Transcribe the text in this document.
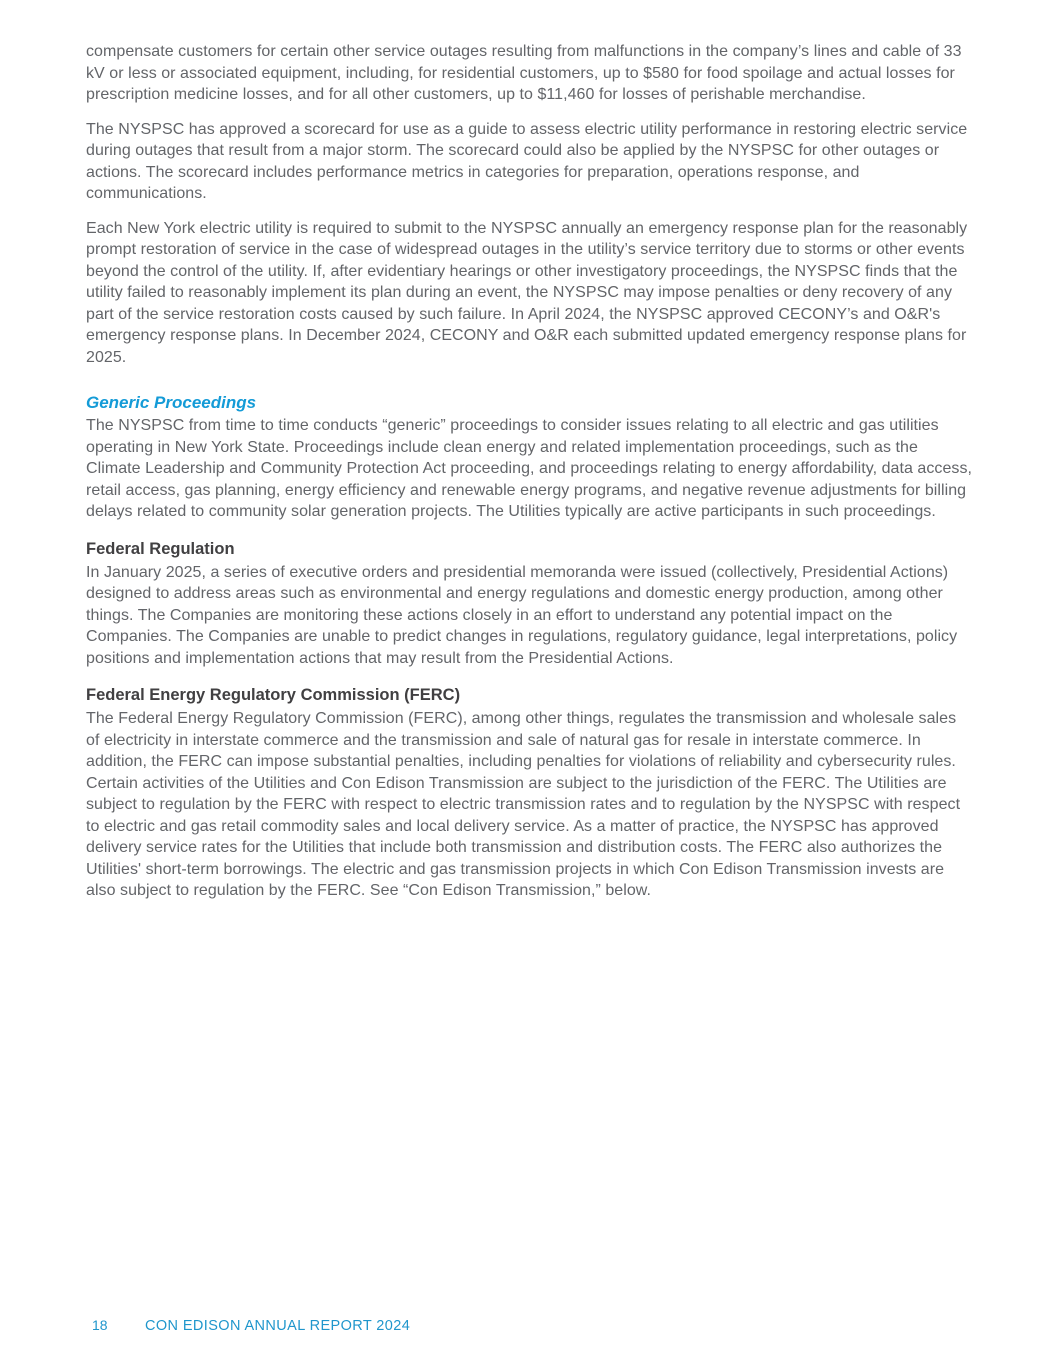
compensate customers for certain other service outages resulting from malfunctions in the company’s lines and cable of 33 kV or less or associated equipment, including, for residential customers, up to $580 for food spoilage and actual losses for prescription medicine losses, and for all other customers, up to $11,460 for losses of perishable merchandise.

The NYSPSC has approved a scorecard for use as a guide to assess electric utility performance in restoring electric service during outages that result from a major storm. The scorecard could also be applied by the NYSPSC for other outages or actions. The scorecard includes performance metrics in categories for preparation, operations response, and communications.

Each New York electric utility is required to submit to the NYSPSC annually an emergency response plan for the reasonably prompt restoration of service in the case of widespread outages in the utility’s service territory due to storms or other events beyond the control of the utility. If, after evidentiary hearings or other investigatory proceedings, the NYSPSC finds that the utility failed to reasonably implement its plan during an event, the NYSPSC may impose penalties or deny recovery of any part of the service restoration costs caused by such failure. In April 2024, the NYSPSC approved CECONY’s and O&R's emergency response plans. In December 2024, CECONY and O&R each submitted updated emergency response plans for 2025.

Generic Proceedings

The NYSPSC from time to time conducts “generic” proceedings to consider issues relating to all electric and gas utilities operating in New York State. Proceedings include clean energy and related implementation proceedings, such as the Climate Leadership and Community Protection Act proceeding, and proceedings relating to energy affordability, data access, retail access, gas planning, energy efficiency and renewable energy programs, and negative revenue adjustments for billing delays related to community solar generation projects. The Utilities typically are active participants in such proceedings.

Federal Regulation

In January 2025, a series of executive orders and presidential memoranda were issued (collectively, Presidential Actions) designed to address areas such as environmental and energy regulations and domestic energy production, among other things. The Companies are monitoring these actions closely in an effort to understand any potential impact on the Companies. The Companies are unable to predict changes in regulations, regulatory guidance, legal interpretations, policy positions and implementation actions that may result from the Presidential Actions.

Federal Energy Regulatory Commission (FERC)

The Federal Energy Regulatory Commission (FERC), among other things, regulates the transmission and wholesale sales of electricity in interstate commerce and the transmission and sale of natural gas for resale in interstate commerce. In addition, the FERC can impose substantial penalties, including penalties for violations of reliability and cybersecurity rules. Certain activities of the Utilities and Con Edison Transmission are subject to the jurisdiction of the FERC. The Utilities are subject to regulation by the FERC with respect to electric transmission rates and to regulation by the NYSPSC with respect to electric and gas retail commodity sales and local delivery service. As a matter of practice, the NYSPSC has approved delivery service rates for the Utilities that include both transmission and distribution costs. The FERC also authorizes the Utilities' short-term borrowings. The electric and gas transmission projects in which Con Edison Transmission invests are also subject to regulation by the FERC. See “Con Edison Transmission,” below.

18	CON EDISON ANNUAL REPORT 2024
